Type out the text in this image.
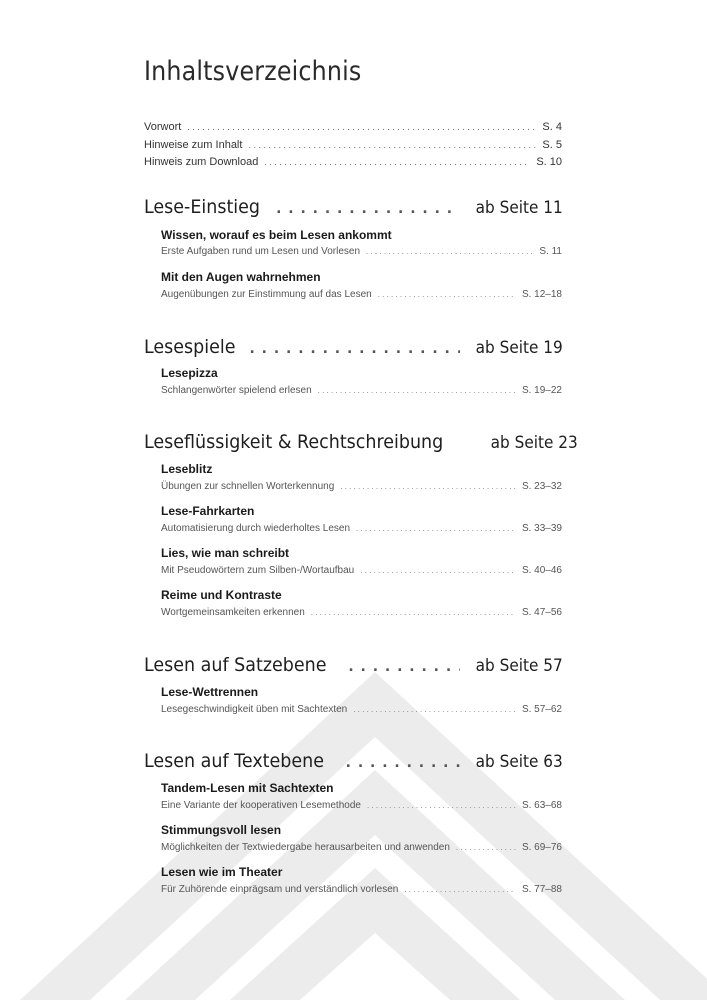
Inhaltsverzeichnis
Vorwort . . .	S. 4
Hinweise zum Inhalt . . .	S. 5
Hinweis zum Download . . .	S. 10
Lese-Einstieg . . .	ab Seite 11
Wissen, worauf es beim Lesen ankommt
Erste Aufgaben rund um Lesen und Vorlesen . . .	S. 11
Mit den Augen wahrnehmen
Augenübungen zur Einstimmung auf das Lesen . . .	S. 12–18
Lesespiele . . .	ab Seite 19
Lesepizza
Schlangenwörter spielend erlesen . . .	S. 19–22
Leseflüssigkeit & Rechtschreibung	ab Seite 23
Leseblitz
Übungen zur schnellen Worterkennung . . .	S. 23–32
Lese-Fahrkarten
Automatisierung durch wiederholtes Lesen . . .	S. 33–39
Lies, wie man schreibt
Mit Pseudowörtern zum Silben-/Wortaufbau . . .	S. 40–46
Reime und Kontraste
Wortgemeinsamkeiten erkennen . . .	S. 47–56
Lesen auf Satzebene . . .	ab Seite 57
Lese-Wettrennen
Lesegeschwindigkeit üben mit Sachtexten . . .	S. 57–62
Lesen auf Textebene . . .	ab Seite 63
Tandem-Lesen mit Sachtexten
Eine Variante der kooperativen Lesemethode . . .	S. 63–68
Stimmungsvoll lesen
Möglichkeiten der Textwiedergabe herausarbeiten und anwenden . . .	S. 69–76
Lesen wie im Theater
Für Zuhörende einprägsam und verständlich vorlesen . . .	S. 77–88
